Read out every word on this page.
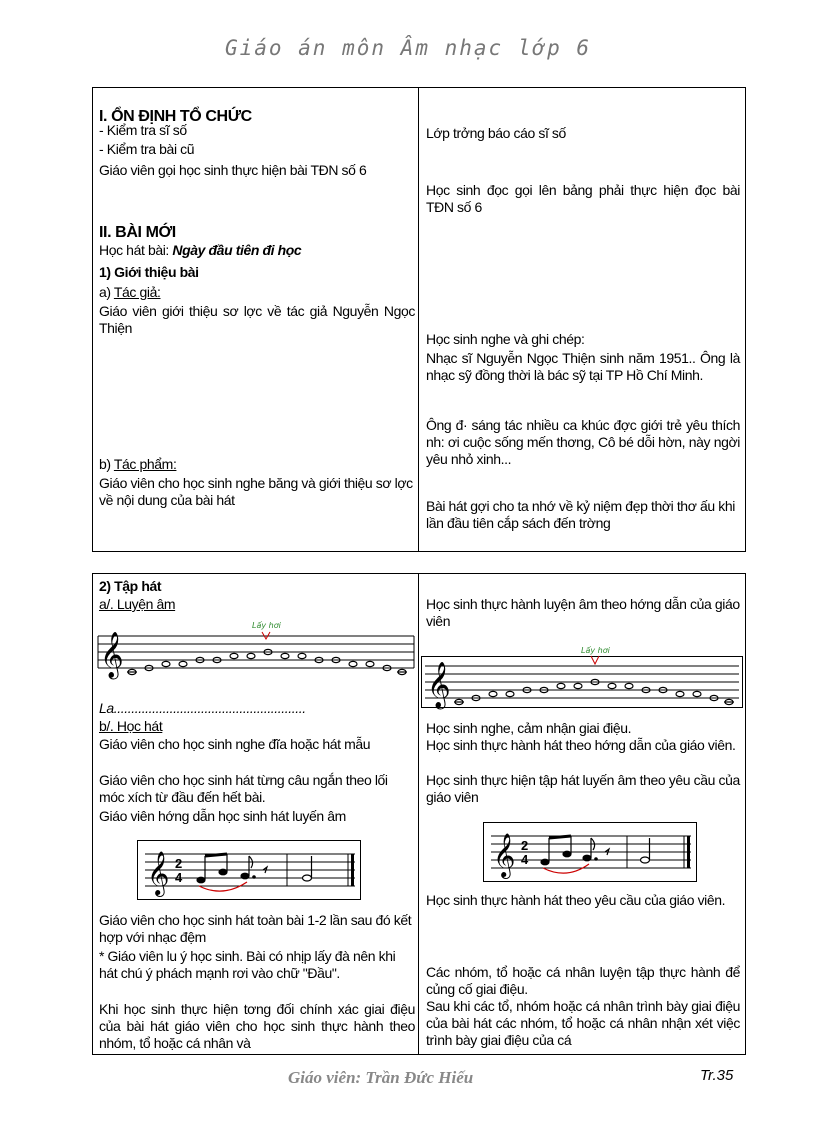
Giáo án môn Âm nhạc lớp 6
I. ỔN ĐỊNH TỔ CHỨC
- Kiểm tra sĩ số
- Kiểm tra bài cũ
Giáo viên gọi học sinh thực hiện bài TĐN số 6
II. BÀI MỚI
Học hát bài: Ngày đầu tiên đi học
1) Giới thiệu bài
a) Tác giả:
Giáo viên giới thiệu sơ lợc về tác giả Nguyễn Ngọc Thiện
b) Tác phẩm:
Giáo viên cho học sinh nghe băng và giới thiệu sơ lợc về nội dung của bài hát
Lớp trởng báo cáo sĩ số
Học sinh đọc gọi lên bảng phải thực hiện đọc bài TĐN số 6
Học sinh nghe và ghi chép:
Nhạc sĩ Nguyễn Ngọc Thiện sinh năm 1951.. Ông là nhạc sỹ đồng thời là bác sỹ tại TP Hồ Chí Minh.
Ông đ· sáng tác nhiều ca khúc đợc giới trẻ yêu thích nh: ơi cuộc sống mến thơng, Cô bé dỗi hờn, này ngời yêu nhỏ xinh...
Bài hát gợi cho ta nhớ về kỷ niệm đẹp thời thơ ấu khi lần đầu tiên cắp sách đến trờng
2) Tập hát
a/. Luyện âm
𝄞
Lấy hơi
La.......................................................
b/. Học hát
Giáo viên cho học sinh nghe đĩa hoặc hát mẫu
Giáo viên cho học sinh hát từng câu ngắn theo lối móc xích từ đầu đến hết bài.
Giáo viên hớng dẫn học sinh hát luyến âm
𝄞 2
4
Giáo viên cho học sinh hát toàn bài 1-2 lần sau đó kết hợp với nhạc đệm
* Giáo viên lu ý học sinh. Bài có nhịp lấy đà nên khi hát chú ý phách mạnh rơi vào chữ "Đầu".
Khi học sinh thực hiện tơng đối chính xác giai điệu của bài hát giáo viên cho học sinh thực hành theo nhóm, tổ hoặc cá nhân và
Học sinh thực hành luyện âm theo hớng dẫn của giáo viên
𝄞
Lấy hơi
Học sinh nghe, cảm nhận giai điệu.
Học sinh thực hành hát theo hớng dẫn của giáo viên.
Học sinh thực hiện tập hát luyến âm theo yêu cầu của giáo viên
𝄞 2
4
Học sinh thực hành hát theo yêu cầu của giáo viên.
Các nhóm, tổ hoặc cá nhân luyện tập thực hành để củng cố giai điệu.
Sau khi các tổ, nhóm hoặc cá nhân trình bày giai điệu của bài hát các nhóm, tổ hoặc cá nhân nhận xét việc trình bày giai điệu của cá
Giáo viên: Trần Đức Hiếu	Tr.35
